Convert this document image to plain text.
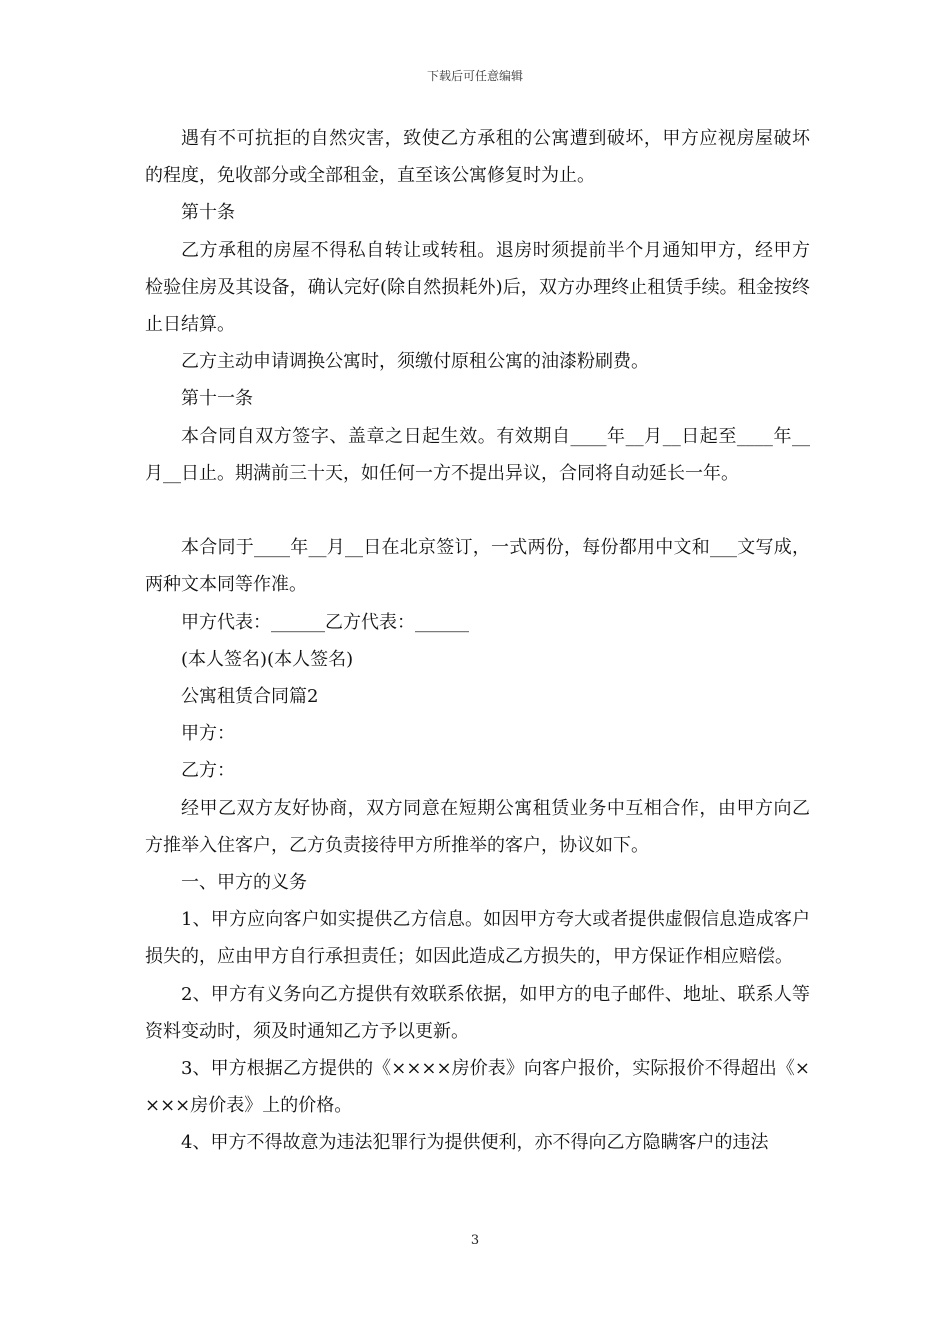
下载后可任意编辑

遇有不可抗拒的自然灾害，致使乙方承租的公寓遭到破坏，甲方应视房屋破坏的程度，免收部分或全部租金，直至该公寓修复时为止。

第十条

乙方承租的房屋不得私自转让或转租。退房时须提前半个月通知甲方，经甲方检验住房及其设备，确认完好(除自然损耗外)后，双方办理终止租赁手续。租金按终止日结算。

乙方主动申请调换公寓时，须缴付原租公寓的油漆粉刷费。

第十一条

本合同自双方签字、盖章之日起生效。有效期自____年__月__日起至____年__月__日止。期满前三十天，如任何一方不提出异议，合同将自动延长一年。

本合同于____年__月__日在北京签订，一式两份，每份都用中文和___文写成，两种文本同等作准。

甲方代表：______乙方代表：______

(本人签名)(本人签名)

公寓租赁合同篇2

甲方：

乙方：

经甲乙双方友好协商，双方同意在短期公寓租赁业务中互相合作，由甲方向乙方推举入住客户，乙方负责接待甲方所推举的客户，协议如下。

一、甲方的义务

1、甲方应向客户如实提供乙方信息。如因甲方夸大或者提供虚假信息造成客户损失的，应由甲方自行承担责任；如因此造成乙方损失的，甲方保证作相应赔偿。

2、甲方有义务向乙方提供有效联系依据，如甲方的电子邮件、地址、联系人等资料变动时，须及时通知乙方予以更新。

3、甲方根据乙方提供的《××××房价表》向客户报价，实际报价不得超出《××××房价表》上的价格。

4、甲方不得故意为违法犯罪行为提供便利，亦不得向乙方隐瞒客户的违法

3
